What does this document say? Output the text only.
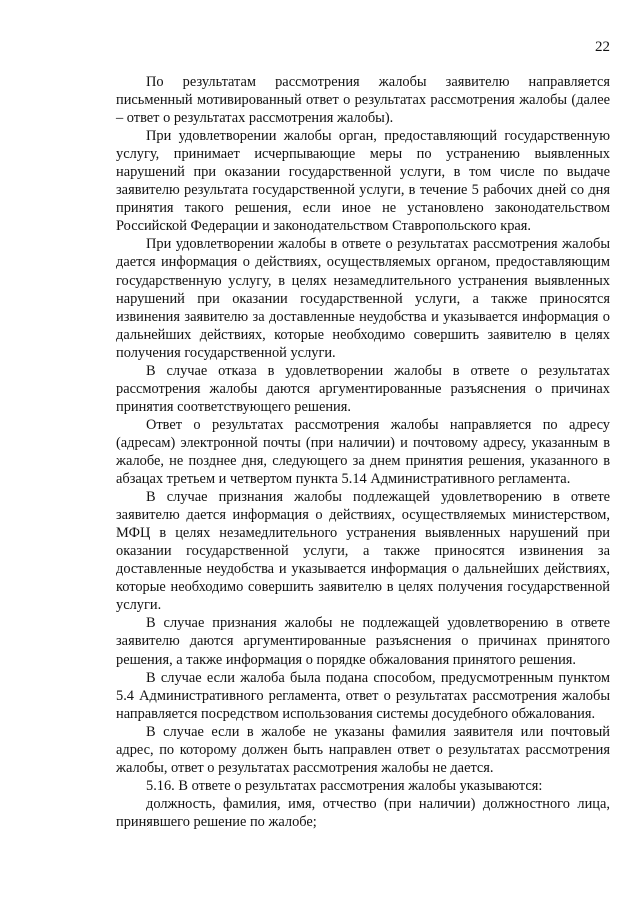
22

По результатам рассмотрения жалобы заявителю направляется письменный мотивированный ответ о результатах рассмотрения жалобы (далее – ответ о результатах рассмотрения жалобы).

При удовлетворении жалобы орган, предоставляющий государственную услугу, принимает исчерпывающие меры по устранению выявленных нарушений при оказании государственной услуги, в том числе по выдаче заявителю результата государственной услуги, в течение 5 рабочих дней со дня принятия такого решения, если иное не установлено законодательством Российской Федерации и законодательством Ставропольского края.

При удовлетворении жалобы в ответе о результатах рассмотрения жалобы дается информация о действиях, осуществляемых органом, предоставляющим государственную услугу, в целях незамедлительного устранения выявленных нарушений при оказании государственной услуги, а также приносятся извинения заявителю за доставленные неудобства и указывается информация о дальнейших действиях, которые необходимо совершить заявителю в целях получения государственной услуги.

В случае отказа в удовлетворении жалобы в ответе о результатах рассмотрения жалобы даются аргументированные разъяснения о причинах принятия соответствующего решения.

Ответ о результатах рассмотрения жалобы направляется по адресу (адресам) электронной почты (при наличии) и почтовому адресу, указанным в жалобе, не позднее дня, следующего за днем принятия решения, указанного в абзацах третьем и четвертом пункта 5.14 Административного регламента.

В случае признания жалобы подлежащей удовлетворению в ответе заявителю дается информация о действиях, осуществляемых министерством, МФЦ в целях незамедлительного устранения выявленных нарушений при оказании государственной услуги, а также приносятся извинения за доставленные неудобства и указывается информация о дальнейших действиях, которые необходимо совершить заявителю в целях получения государственной услуги.

В случае признания жалобы не подлежащей удовлетворению в ответе заявителю даются аргументированные разъяснения о причинах принятого решения, а также информация о порядке обжалования принятого решения.

В случае если жалоба была подана способом, предусмотренным пунктом 5.4 Административного регламента, ответ о результатах рассмотрения жалобы направляется посредством использования системы досудебного обжалования.

В случае если в жалобе не указаны фамилия заявителя или почтовый адрес, по которому должен быть направлен ответ о результатах рассмотрения жалобы, ответ о результатах рассмотрения жалобы не дается.

5.16. В ответе о результатах рассмотрения жалобы указываются:

должность, фамилия, имя, отчество (при наличии) должностного лица, принявшего решение по жалобе;
